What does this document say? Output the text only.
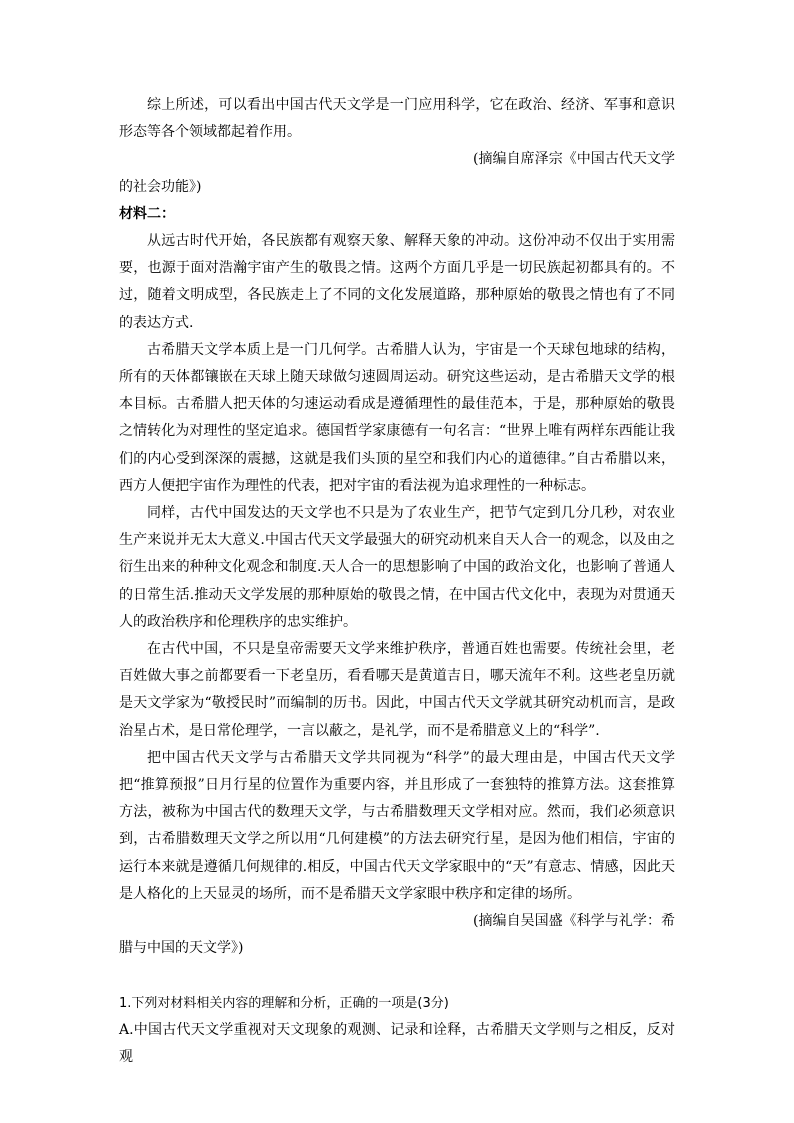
综上所述，可以看出中国古代天文学是一门应用科学，它在政治、经济、军事和意识形态等各个领域都起着作用。

(摘编自席泽宗《中国古代天文学的社会功能》)

材料二：

从远古时代开始，各民族都有观察天象、解释天象的冲动。这份冲动不仅出于实用需要，也源于面对浩瀚宇宙产生的敬畏之情。这两个方面几乎是一切民族起初都具有的。不过，随着文明成型，各民族走上了不同的文化发展道路，那种原始的敬畏之情也有了不同的表达方式.

古希腊天文学本质上是一门几何学。古希腊人认为，宇宙是一个天球包地球的结构，所有的天体都镶嵌在天球上随天球做匀速圆周运动。研究这些运动，是古希腊天文学的根本目标。古希腊人把天体的匀速运动看成是遵循理性的最佳范本，于是，那种原始的敬畏之情转化为对理性的坚定追求。德国哲学家康德有一句名言：“世界上唯有两样东西能让我们的内心受到深深的震撼，这就是我们头顶的星空和我们内心的道德律。”自古希腊以来，西方人便把宇宙作为理性的代表，把对宇宙的看法视为追求理性的一种标志。

同样，古代中国发达的天文学也不只是为了农业生产，把节气定到几分几秒，对农业生产来说并无太大意义.中国古代天文学最强大的研究动机来自天人合一的观念，以及由之衍生出来的种种文化观念和制度.天人合一的思想影响了中国的政治文化，也影响了普通人的日常生活.推动天文学发展的那种原始的敬畏之情，在中国古代文化中，表现为对贯通天人的政治秩序和伦理秩序的忠实维护。

在古代中国，不只是皇帝需要天文学来维护秩序，普通百姓也需要。传统社会里，老百姓做大事之前都要看一下老皇历，看看哪天是黄道吉日，哪天流年不利。这些老皇历就是天文学家为“敬授民时”而编制的历书。因此，中国古代天文学就其研究动机而言，是政治星占术，是日常伦理学，一言以蔽之，是礼学，而不是希腊意义上的“科学”.

把中国古代天文学与古希腊天文学共同视为“科学”的最大理由是，中国古代天文学把“推算预报”日月行星的位置作为重要内容，并且形成了一套独特的推算方法。这套推算方法，被称为中国古代的数理天文学，与古希腊数理天文学相对应。然而，我们必须意识到，古希腊数理天文学之所以用“几何建模”的方法去研究行星，是因为他们相信，宇宙的运行本来就是遵循几何规律的.相反，中国古代天文学家眼中的“天”有意志、情感，因此天是人格化的上天显灵的场所，而不是希腊天文学家眼中秩序和定律的场所。

(摘编自吴国盛《科学与礼学：希腊与中国的天文学》)

1.下列对材料相关内容的理解和分析，正确的一项是(3分)

A.中国古代天文学重视对天文现象的观测、记录和诠释，古希腊天文学则与之相反，反对观
